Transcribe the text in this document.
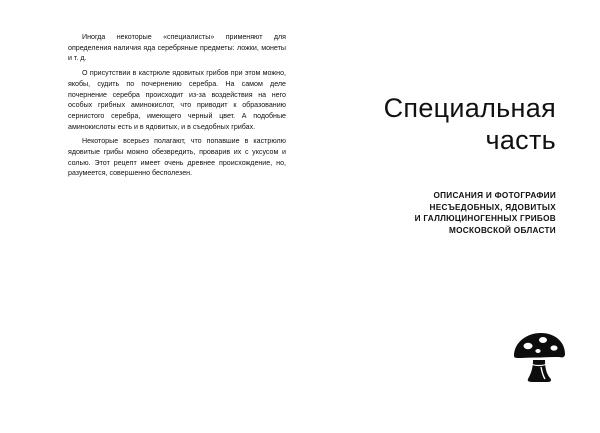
Иногда некоторые «специалисты» применяют для определения наличия яда серебряные предметы: ложки, монеты и т. д.

О присутствии в кастрюле ядовитых грибов при этом можно, якобы, судить по почернению серебра. На самом деле почернение серебра происходит из-за воздействия на него особых грибных аминокислот, что приводит к образованию сернистого серебра, имеющего черный цвет. А подобные аминокислоты есть и в ядовитых, и в съедобных грибах.

Некоторые всерьез полагают, что попавшие в кастрюлю ядовитые грибы можно обезвредить, проварив их с уксусом и солью. Этот рецепт имеет очень древнее происхождение, но, разумеется, совершенно бесполезен.

Специальная
часть
ОПИСАНИЯ И ФОТОГРАФИИ
НЕСЪЕДОБНЫХ, ЯДОВИТЫХ
И ГАЛЛЮЦИНОГЕННЫХ ГРИБОВ
МОСКОВСКОЙ ОБЛАСТИ
